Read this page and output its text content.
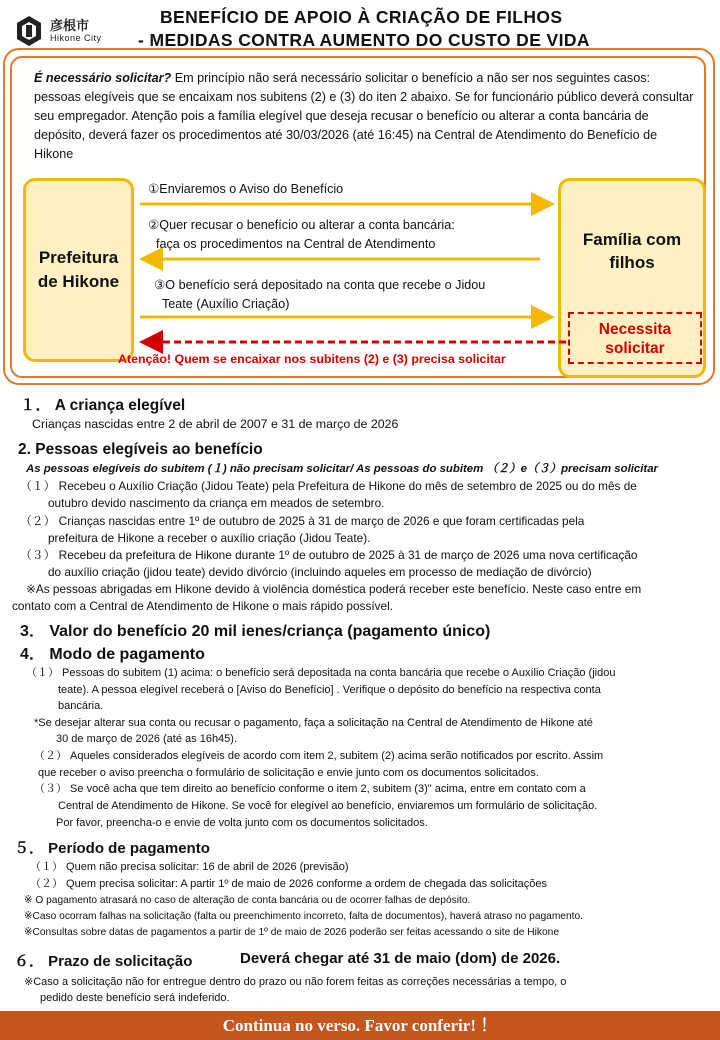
彦根市
Hikone City
BENEFÍCIO DE APOIO À CRIAÇÃO DE FILHOS
- MEDIDAS CONTRA AUMENTO DO CUSTO DE VIDA
É necessário solicitar? Em princípio não será necessário solicitar o benefício a não ser nos seguintes casos: pessoas elegíveis que se encaixam nos subitens (2) e (3) do iten 2 abaixo. Se for funcionário público deverá consultar seu empregador. Atenção pois a família elegível que deseja recusar o benefício ou alterar a conta bancária de depósito, deverá fazer os procedimentos até 30/03/2026 (até 16:45) na Central de Atendimento do Benefício de Hikone
Prefeitura de Hikone
Família com filhos
Necessita solicitar
①Enviaremos o Aviso do Benefício
②Quer recusar o benefício ou alterar a conta bancária:
faça os procedimentos na Central de Atendimento
③O benefício será depositado na conta que recebe o Jidou
Teate (Auxílio Criação)
Atenção! Quem se encaixar nos subitens (2) e (3) precisa solicitar
１． A criança elegível
Crianças nascidas entre 2 de abril de 2007 e 31 de março de 2026
2. Pessoas elegíveis ao benefício
As pessoas elegíveis do subitem (１) não precisam solicitar/ As pessoas do subitem （２）e（３）precisam solicitar
（１） Recebeu o Auxílio Criação (Jidou Teate) pela Prefeitura de Hikone do mês de setembro de 2025 ou do mês de
outubro devido nascimento da criança em meados de setembro.
（２） Crianças nascidas entre 1º de outubro de 2025 à 31 de março de 2026 e que foram certificadas pela
prefeitura de Hikone a receber o auxílio criação (Jidou Teate).
（３） Recebeu da prefeitura de Hikone durante 1º de outubro de 2025 à 31 de março de 2026 uma nova certificação
do auxílio criação (jidou teate) devido divórcio (incluindo aqueles em processo de mediação de divórcio)
※As pessoas abrigadas em Hikone devido à violência doméstica poderá receber este benefício. Neste caso entre em
contato com a Central de Atendimento de Hikone o mais rápido possível.
3． Valor do benefício 20 mil ienes/criança (pagamento único)
4． Modo de pagamento
（１） Pessoas do subitem (1) acima: o benefício será depositada na conta bancária que recebe o Auxílio Criação (jidou
teate). A pessoa elegível receberá o [Aviso do Benefício] . Verifique o depósito do benefício na respectiva conta
bancária.
*Se desejar alterar sua conta ou recusar o pagamento, faça a solicitação na Central de Atendimento de Hikone até
30 de março de 2026 (até as 16h45).
（２） Aqueles considerados elegíveis de acordo com item 2, subitem (2) acima serão notificados por escrito. Assim
que receber o aviso preencha o formulário de solicitação e envie junto com os documentos solicitados.
（３） Se você acha que tem direito ao benefício conforme o item 2, subitem (3)" acima, entre em contato com a
Central de Atendimento de Hikone. Se você for elegível ao benefício, enviaremos um formulário de solicitação.
Por favor, preencha-o e envie de volta junto com os documentos solicitados.
５． Período de pagamento
（１） Quem não precisa solicitar: 16 de abril de 2026 (previsão)
（２） Quem precisa solicitar: A partir 1º de maio de 2026 conforme a ordem de chegada das solicitações
※ O pagamento atrasará no caso de alteração de conta bancária ou de ocorrer falhas de depósito.
※Caso ocorram falhas na solicitação (falta ou preenchimento incorreto, falta de documentos), haverá atraso no pagamento.
※Consultas sobre datas de pagamentos a partir de 1º de maio de 2026 poderão ser feitas acessando o site de Hikone
６． Prazo de solicitação	Deverá chegar até 31 de maio (dom) de 2026.
※Caso a solicitação não for entregue dentro do prazo ou não forem feitas as correções necessárias a tempo, o
pedido deste benefício será indeferido.
Continua no verso. Favor conferir! ！
